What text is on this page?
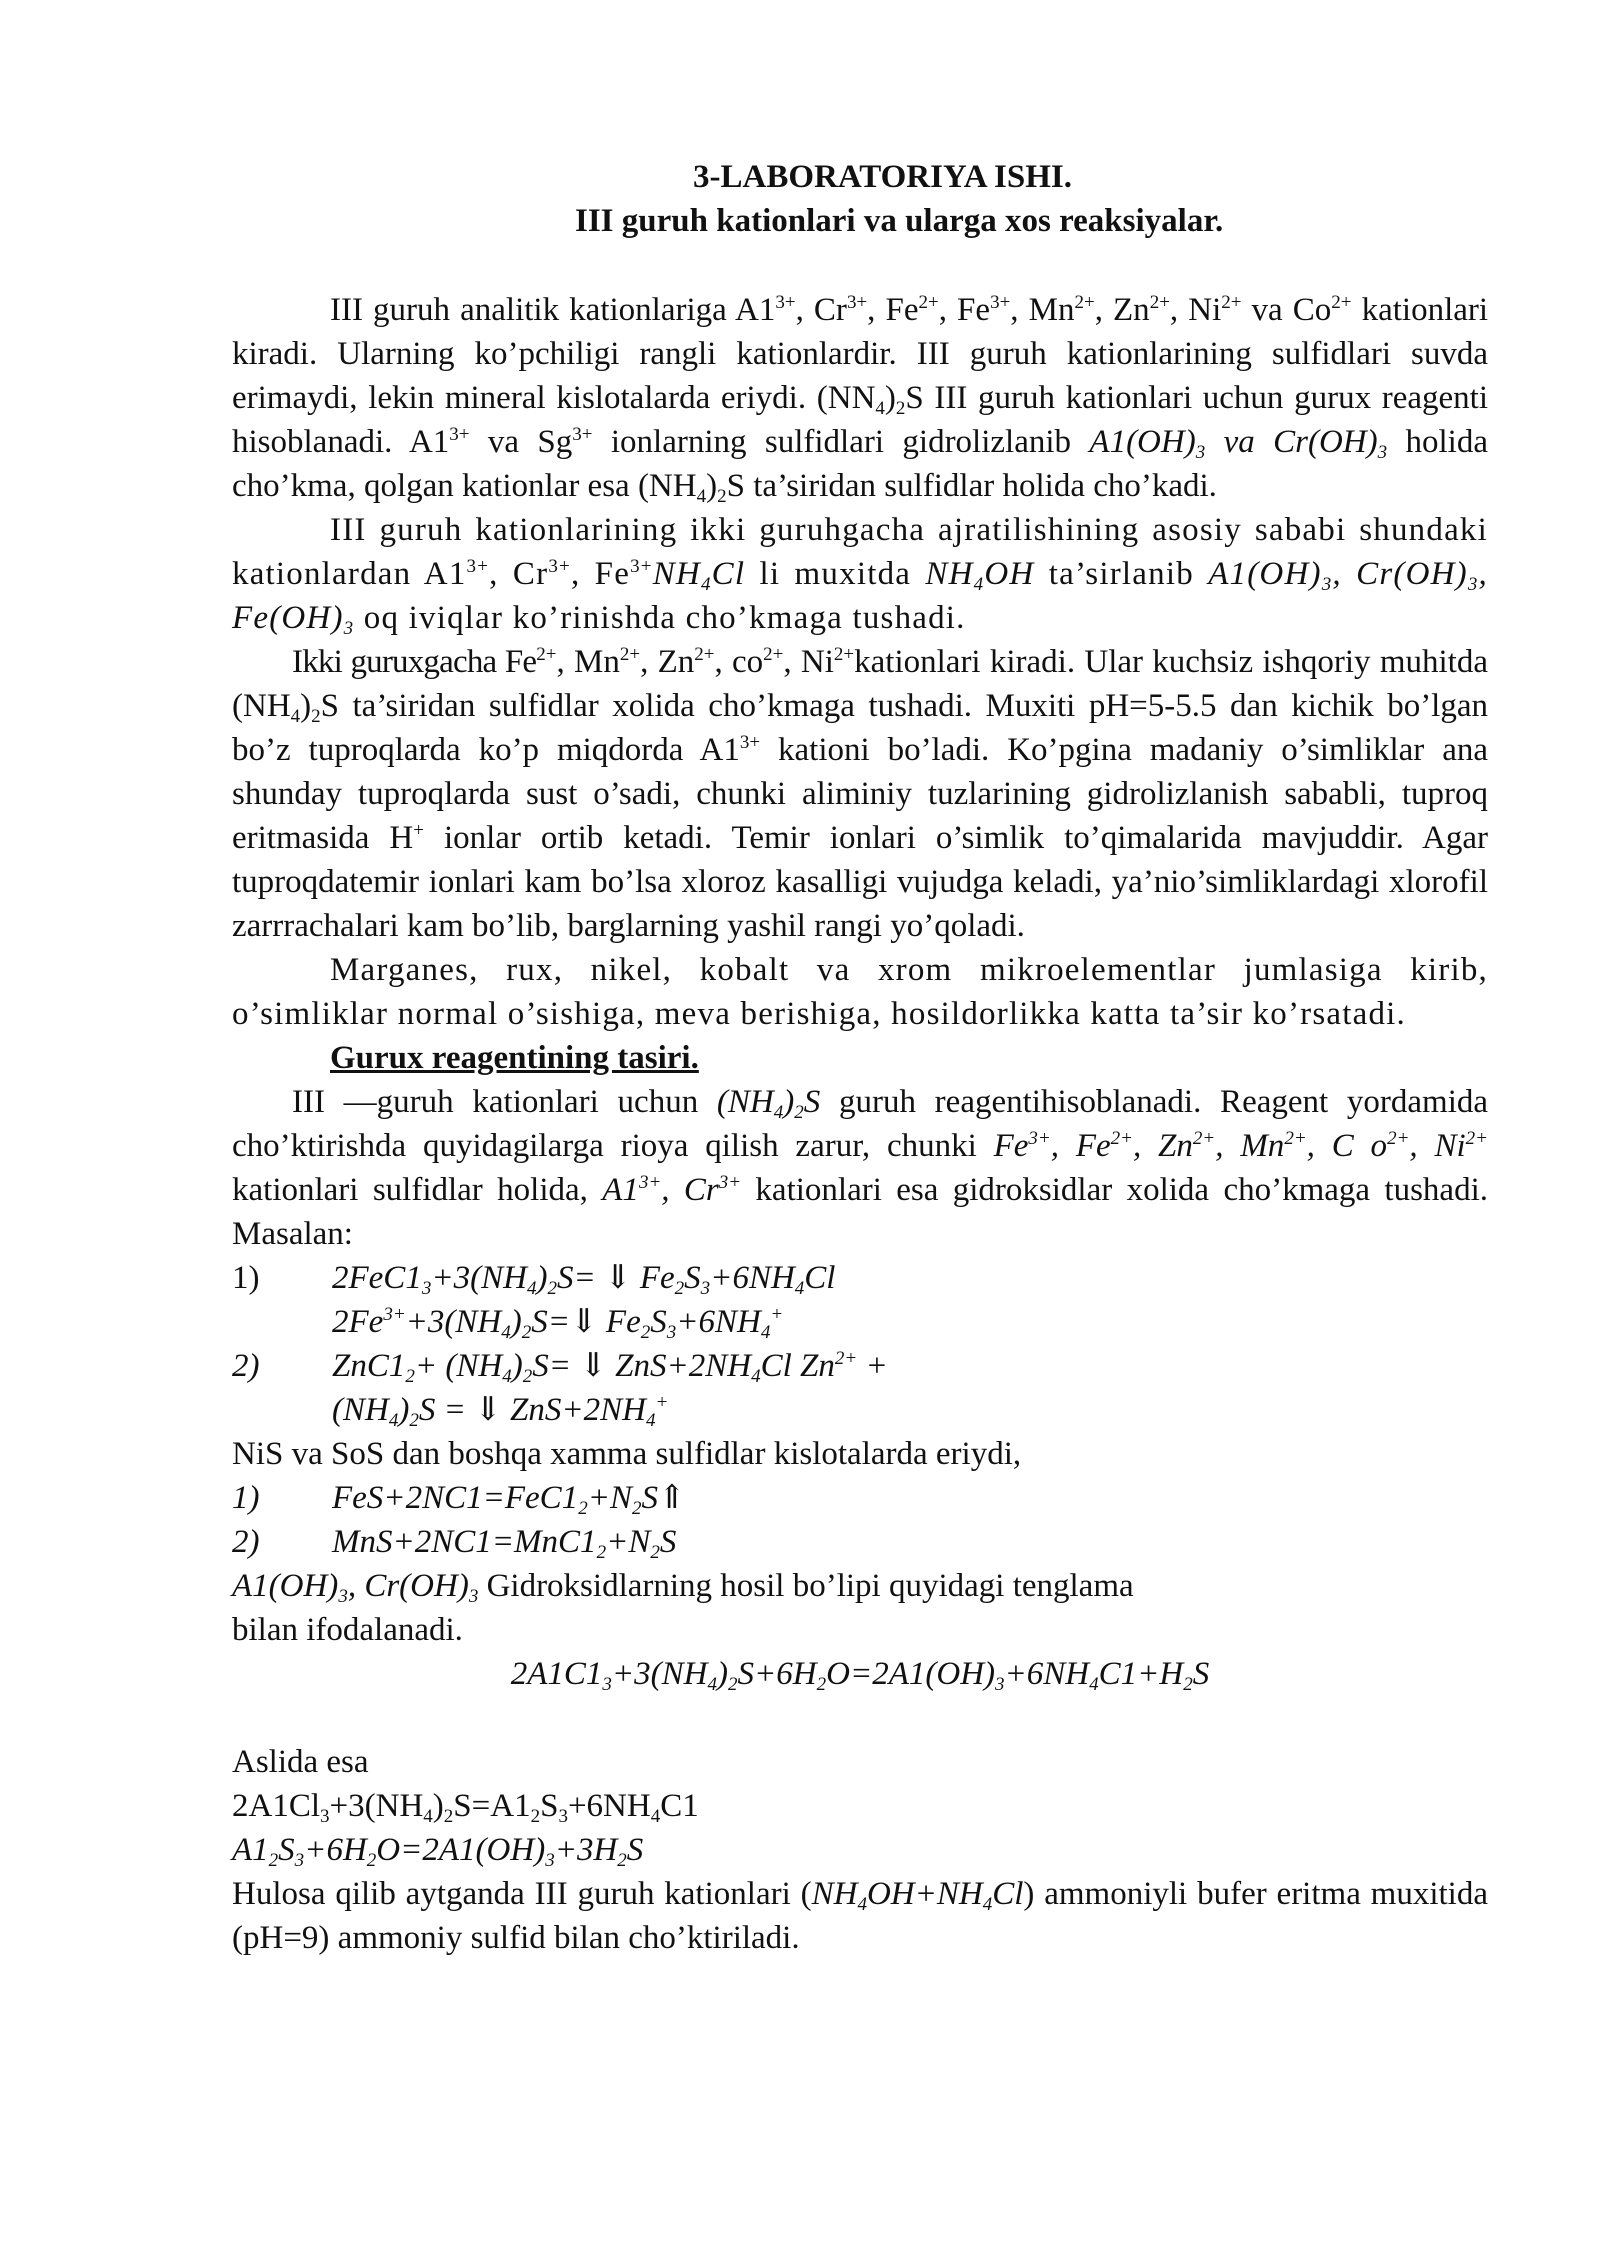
3-LABORATORIYA ISHI.
III guruh kationlari va ularga xos reaksiyalar.

III guruh analitik kationlariga $A1^{3+}$, $Cr^{3+}$, $Fe^{2+}$, $Fe^{3+}$, $Mn^{2+}$, $Zn^{2+}$, $Ni^{2+}$ va $Co^{2+}$ kationlari kiradi. Ularning ko’pchiligi rangli kationlardir. III guruh kationlarining sulfidlari suvda erimaydi, lekin mineral kislotalarda eriydi. $(NN_4)_2S$ III guruh kationlari uchun gurux reagenti hisoblanadi. $A1^{3+}$ va $Sg^{3+}$ ionlarning sulfidlari gidrolizlanib $A1(OH)_3$ va $Cr(OH)_3$ holida cho’kma, qolgan kationlar esa $(NH_4)_2S$ ta’siridan sulfidlar holida cho’kadi.

III guruh kationlarining ikki guruhgacha ajratilishining asosiy sababi shundaki kationlardan $A1^{3+}$, $Cr^{3+}$, $Fe^{3+}NH_4Cl$ li muxitda $NH_4OH$ ta’sirlanib $A1(OH)_3$, $Cr(OH)_3$, $Fe(OH)_3$ oq iviqlar ko’rinishda cho’kmaga tushadi.

Ikki guruxgacha $Fe^{2+}$, $Mn^{2+}$, $Zn^{2+}$, $co^{2+}$, $Ni^{2+}kationlari$ kiradi. Ular kuchsiz ishqoriy muhitda $(NH_4)_2S$ ta’siridan sulfidlar xolida cho’kmaga tushadi. Muxiti pH=5-5.5 dan kichik bo’lgan bo’z tuproqlarda ko’p miqdorda $A1^{3+}$ kationi bo’ladi. Ko’pgina madaniy o’simliklar ana shunday tuproqlarda sust o’sadi, chunki aliminiy tuzlarining gidrolizlanish sababli, tuproq eritmasida H+ ionlar ortib ketadi. Temir ionlari o’simlik to’qimalarida mavjuddir. Agar tuproqdatemir ionlari kam bo’lsa xloroz kasalligi vujudga keladi, ya’nio’simliklardagi xlorofil zarrrachalari kam bo’lib, barglarning yashil rangi yo’qoladi.

Marganes, rux, nikel, kobalt va xrom mikroelementlar jumlasiga kirib, o’simliklar normal o’sishiga, meva berishiga, hosildorlikka katta ta’sir ko’rsatadi.

Gurux reagentining tasiri.

III —guruh kationlari uchun $(NH_4)_2S$ guruh reagentihisoblanadi. Reagent yordamida cho’ktirishda quyidagilarga rioya qilish zarur, chunki $Fe^{3+}$, $Fe^{2+}$, $Zn^{2+}$, $Mn^{2+}$, C $o^{2+}$, $Ni^{2+}$ kationlari sulfidlar holida, $A1^{3+}$, $Cr^{3+}$ kationlari esa gidroksidlar xolida cho’kmaga tushadi. Masalan:

1) $2FeC1_3+3(NH_4)_2S=$ ⇓ $Fe_2S_3+6NH_4Cl$
$2Fe^{3+}+3(NH_4)_2S=⇓$ $Fe_2S_3+6NH_4^+$
2) $ZnC1_2+ (NH_4)_2S=$ ⇓ $ZnS+2NH_4Cl$ $Zn^{2+}$ +
$(NH_4)_2S$ = ⇓ $ZnS+2NH_4^+$
NiS va SoS dan boshqa xamma sulfidlar kislotalarda eriydi,
1) $FeS+2NC1=FeC1_2+N_2S⇑$
2) $MnS+2NC1=MnC1_2+N_2S$
$A1(OH)_3$, $Cr(OH)_3$ Gidroksidlarning hosil bo’lipi quyidagi tenglama
bilan ifodalanadi.
$2A1C1_3+3(NH_4)_2S+6H_2O=2A1(OH)_3+6NH_4C1+H_2S$
Aslida esa
$2A1Cl_3+3(NH_4)_2S=A1_2S_3+6NH_4C1$
$A1_2S_3+6H_2O=2A1(OH)_3+3H_2S$

Hulosa qilib aytganda III guruh kationlari $(NH_4OH+NH_4Cl)$ ammoniyli bufer eritma muxitida (pH=9) ammoniy sulfid bilan cho’ktiriladi.
